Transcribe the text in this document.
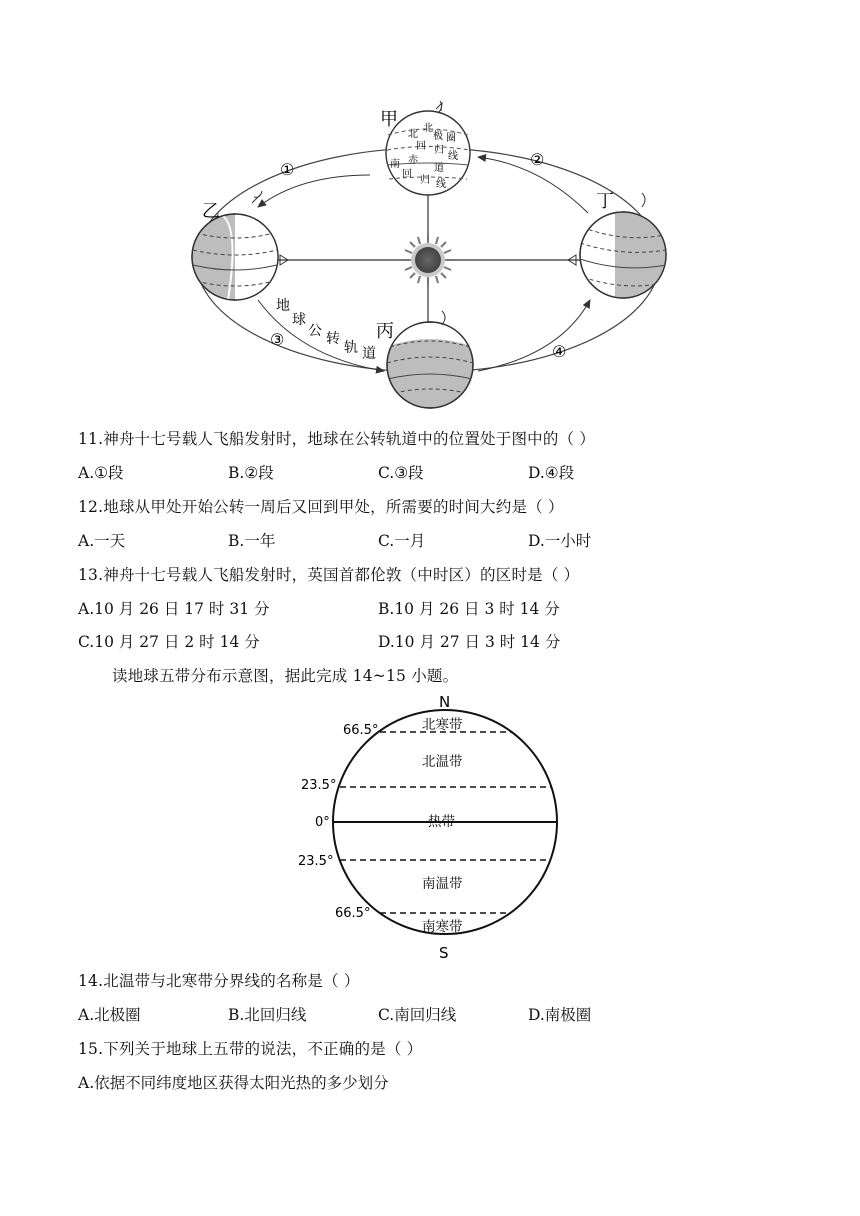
甲
乙	丁
丙
①
②
③
④
北
北
极 圈
回 归
线
赤
道
南
回
归 线
地
球
公 转
轨 道
11.神舟十七号载人飞船发射时，地球在公转轨道中的位置处于图中的（ ）
A.①段	B.②段	C.③段	D.④段
12.地球从甲处开始公转一周后又回到甲处，所需要的时间大约是（ ）
A.一天	B.一年	C.一月	D.一小时
13.神舟十七号载人飞船发射时，英国首都伦敦（中时区）的区时是（ ）
A.10 月 26 日 17 时 31 分	B.10 月 26 日 3 时 14 分
C.10 月 27 日 2 时 14 分	D.10 月 27 日 3 时 14 分
读地球五带分布示意图，据此完成 14~15 小题。
N
S
66.5°
23.5°
0°
23.5°
66.5°
北寒带
北温带
热带
南温带
南寒带
14.北温带与北寒带分界线的名称是（ ）
A.北极圈	B.北回归线	C.南回归线	D.南极圈
15.下列关于地球上五带的说法，不正确的是（ ）
A.依据不同纬度地区获得太阳光热的多少划分
